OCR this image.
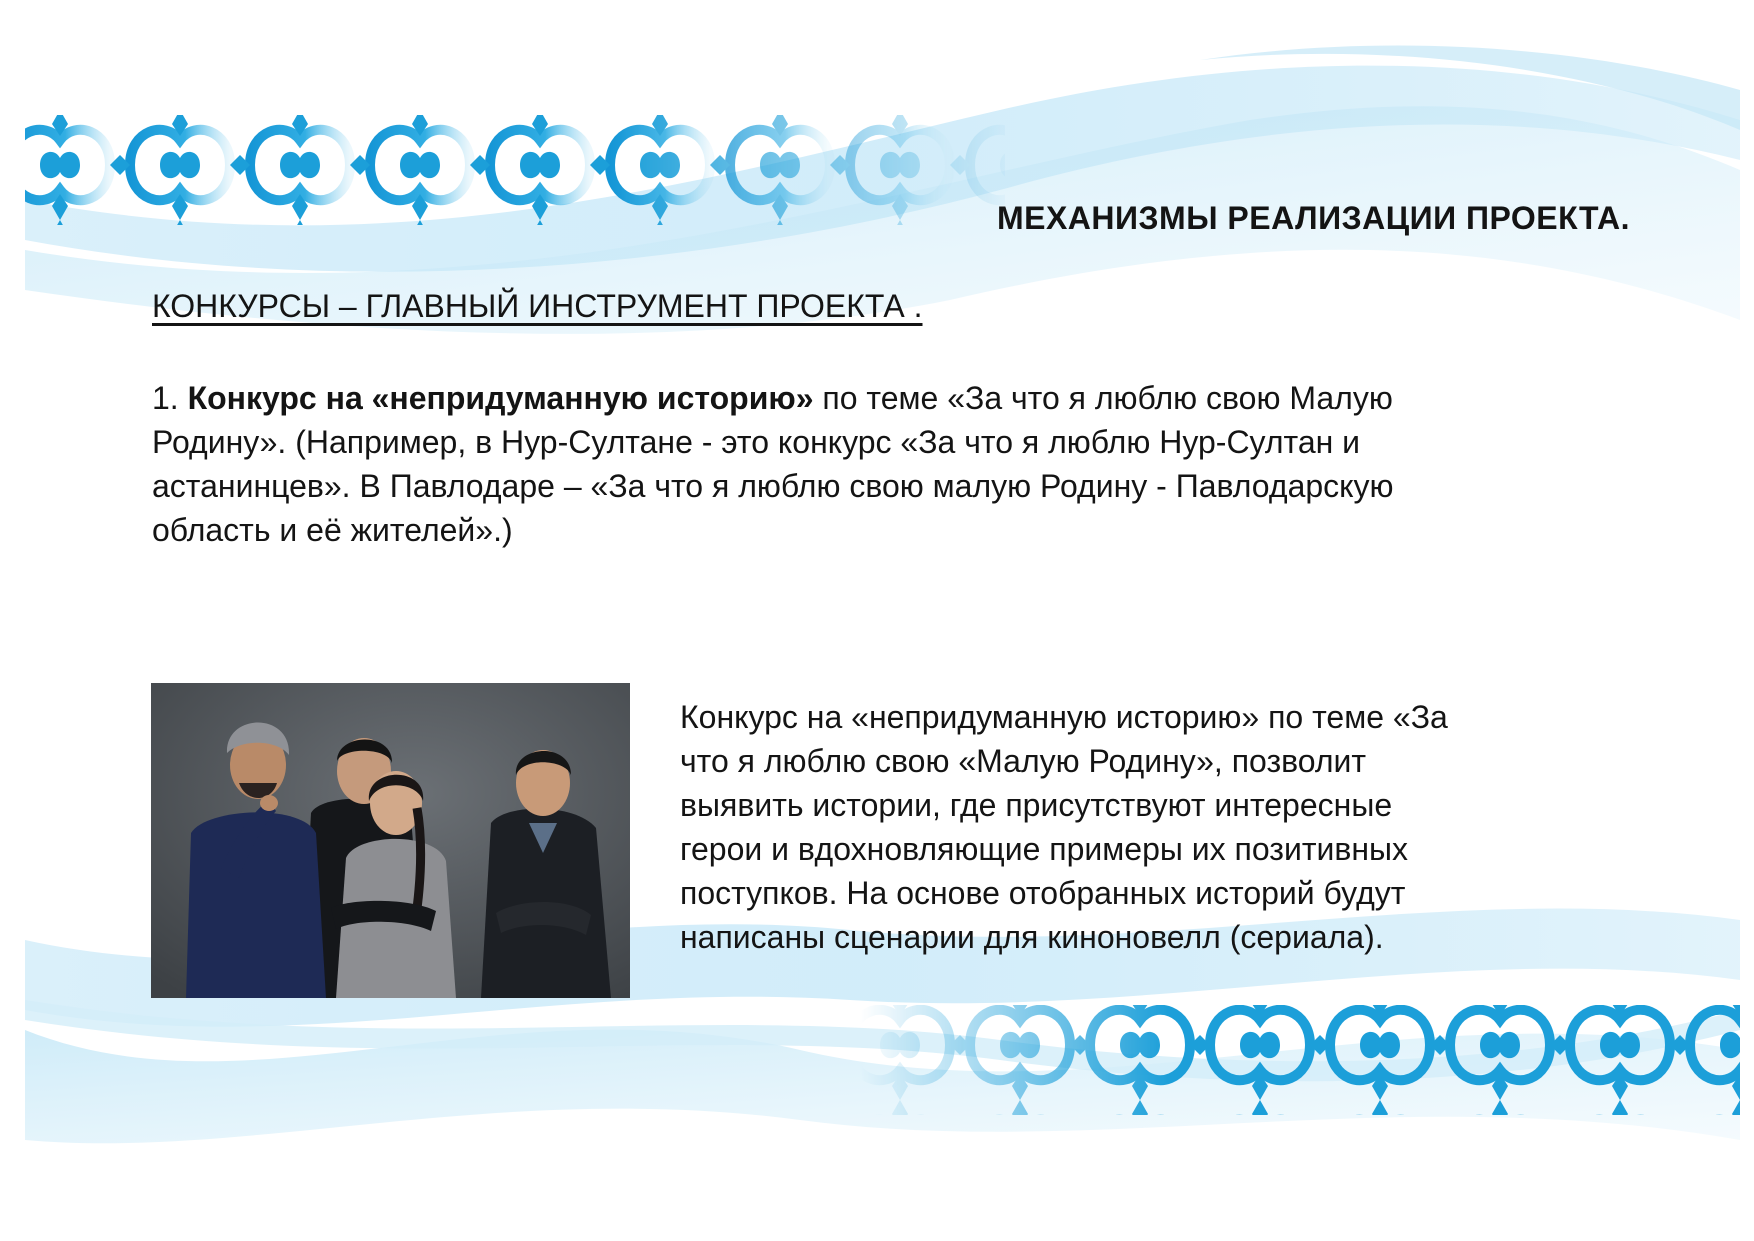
МЕХАНИЗМЫ РЕАЛИЗАЦИИ ПРОЕКТА.
КОНКУРСЫ – ГЛАВНЫЙ ИНСТРУМЕНТ ПРОЕКТА .
1. Конкурс на «непридуманную историю» по теме «За что я люблю свою Малую
Родину». (Например, в Нур-Султане - это конкурс «За что я люблю Нур-Султан и
астанинцев». В Павлодаре – «За что я люблю свою малую Родину - Павлодарскую
область и её жителей».)
Конкурс на «непридуманную историю» по теме «За
что я люблю свою «Малую Родину», позволит
выявить истории, где присутствуют интересные
герои и вдохновляющие примеры их позитивных
поступков. На основе отобранных историй будут
написаны сценарии для киноновелл (сериала).
